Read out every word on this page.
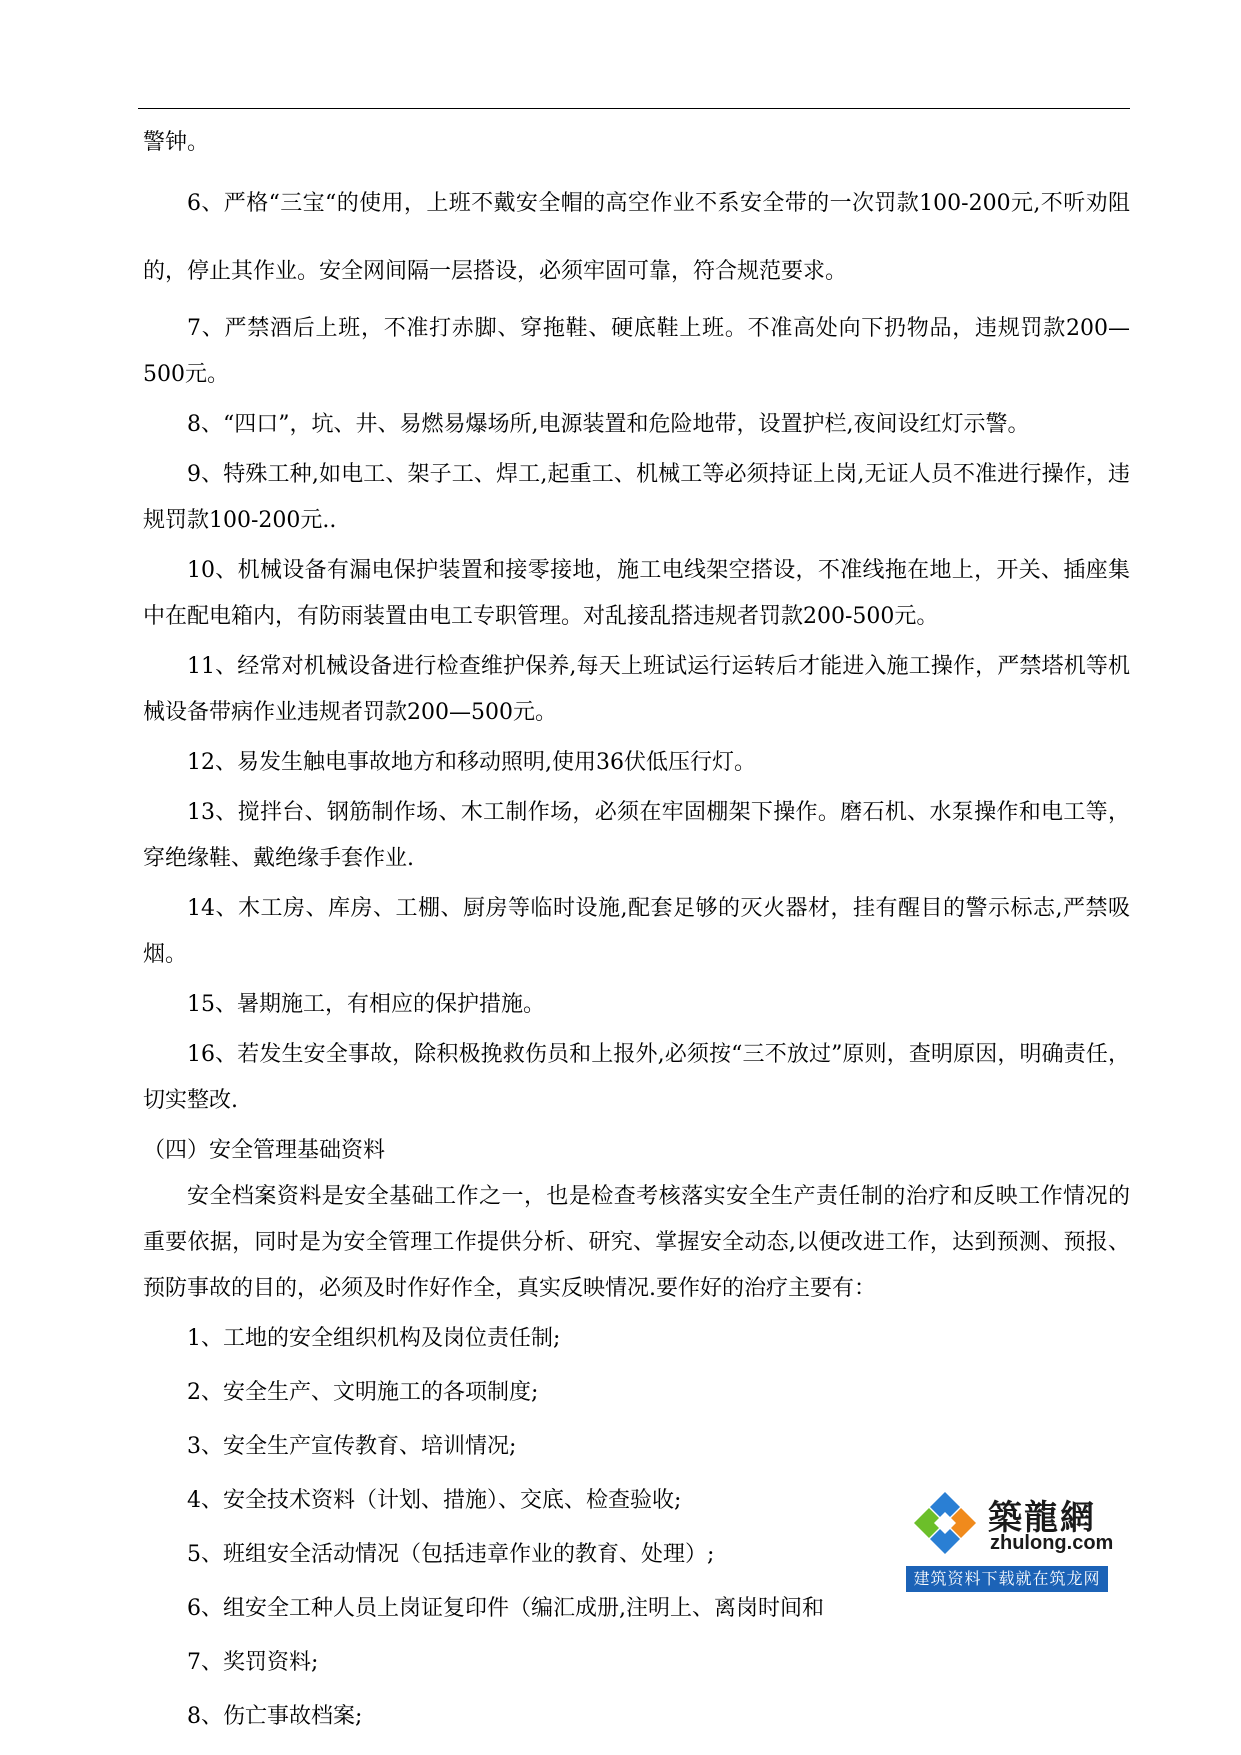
警钟。

6、严格“三宝“的使用，上班不戴安全帽的高空作业不系安全带的一次罚款100-200元,不听劝阻的，停止其作业。安全网间隔一层搭设，必须牢固可靠，符合规范要求。

7、严禁酒后上班，不准打赤脚、穿拖鞋、硬底鞋上班。不准高处向下扔物品，违规罚款200—500元。

8、“四口”，坑、井、易燃易爆场所,电源装置和危险地带，设置护栏,夜间设红灯示警。

9、特殊工种,如电工、架子工、焊工,起重工、机械工等必须持证上岗,无证人员不准进行操作，违规罚款100-200元..

10、机械设备有漏电保护装置和接零接地，施工电线架空搭设，不准线拖在地上，开关、插座集中在配电箱内，有防雨装置由电工专职管理。对乱接乱搭违规者罚款200-500元。

11、经常对机械设备进行检查维护保养,每天上班试运行运转后才能进入施工操作，严禁塔机等机械设备带病作业违规者罚款200—500元。

12、易发生触电事故地方和移动照明,使用36伏低压行灯。

13、搅拌台、钢筋制作场、木工制作场，必须在牢固棚架下操作。磨石机、水泵操作和电工等，穿绝缘鞋、戴绝缘手套作业.

14、木工房、库房、工棚、厨房等临时设施,配套足够的灭火器材，挂有醒目的警示标志,严禁吸烟。

15、暑期施工，有相应的保护措施。

16、若发生安全事故，除积极挽救伤员和上报外,必须按“三不放过”原则，查明原因，明确责任，切实整改.

（四）安全管理基础资料

安全档案资料是安全基础工作之一，也是检查考核落实安全生产责任制的治疗和反映工作情况的重要依据，同时是为安全管理工作提供分析、研究、掌握安全动态,以便改进工作，达到预测、预报、预防事故的目的，必须及时作好作全，真实反映情况.要作好的治疗主要有：

1、工地的安全组织机构及岗位责任制;

2、安全生产、文明施工的各项制度;

3、安全生产宣传教育、培训情况;

4、安全技术资料（计划、措施）、交底、检查验收;

5、班组安全活动情况（包括违章作业的教育、处理）;

6、组安全工种人员上岗证复印件（编汇成册,注明上、离岗时间和

7、奖罚资料;

8、伤亡事故档案;

築龍網
zhulong.com
建筑资料下载就在筑龙网
